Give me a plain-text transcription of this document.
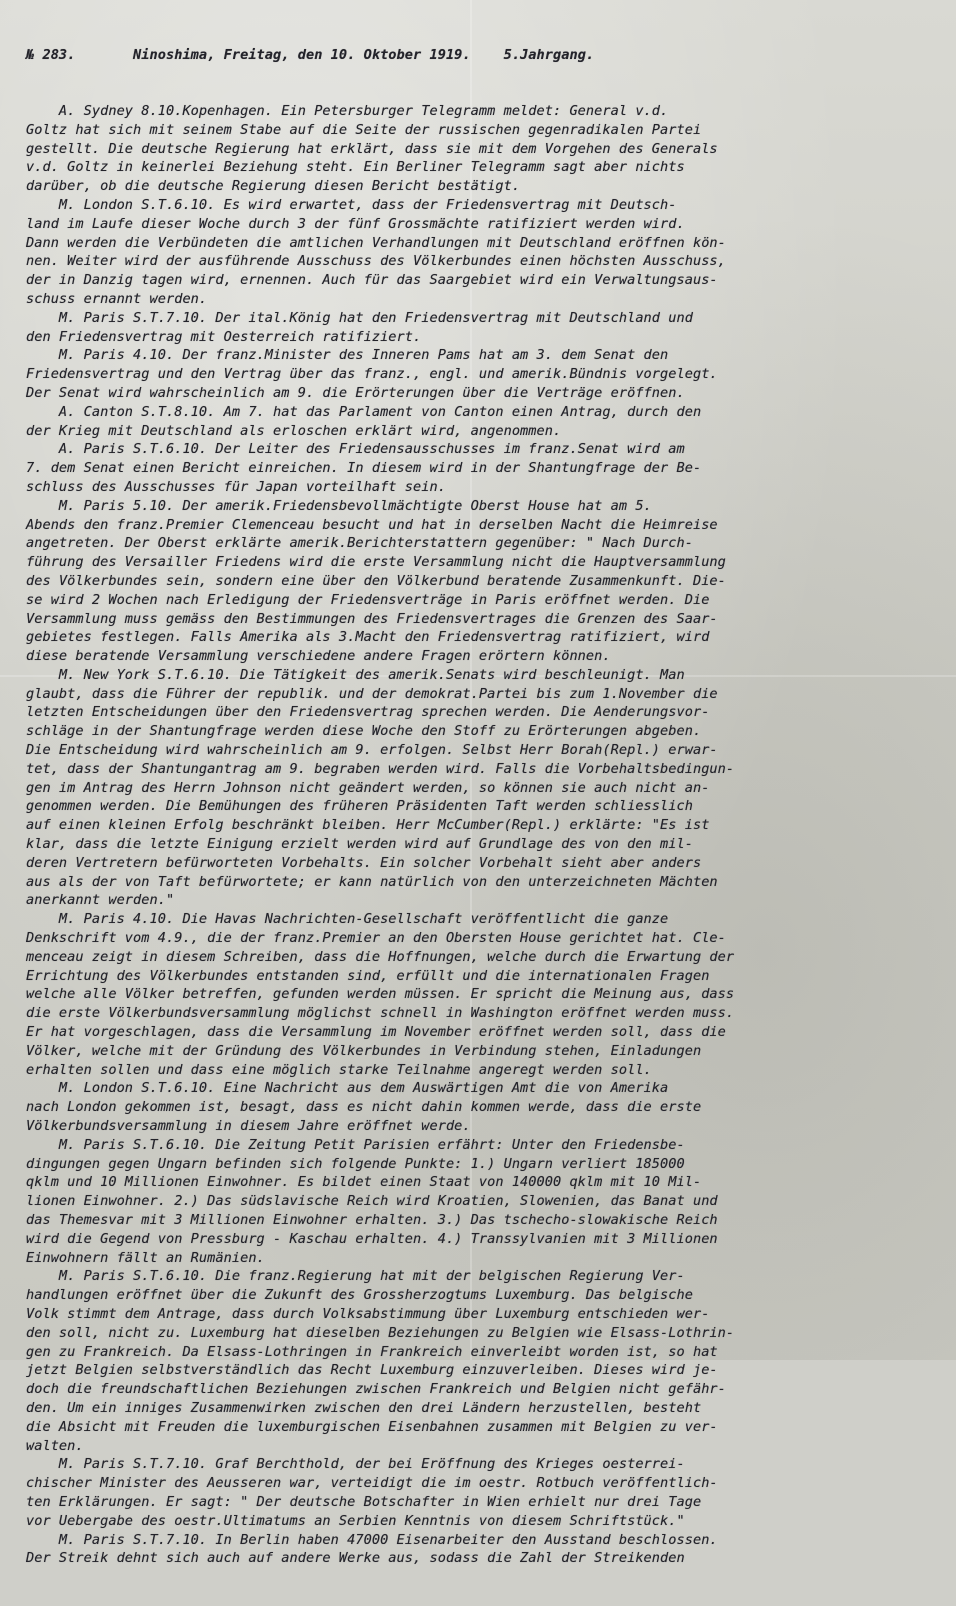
№ 283.	Ninoshima, Freitag, den 10. Oktober 1919. 5.Jahrgang.

A. Sydney 8.10.Kopenhagen. Ein Petersburger Telegramm meldet: General v.d.
Goltz hat sich mit seinem Stabe auf die Seite der russischen gegenradikalen Partei
gestellt. Die deutsche Regierung hat erklärt, dass sie mit dem Vorgehen des Generals
v.d. Goltz in keinerlei Beziehung steht. Ein Berliner Telegramm sagt aber nichts
darüber, ob die deutsche Regierung diesen Bericht bestätigt.
M. London S.T.6.10. Es wird erwartet, dass der Friedensvertrag mit Deutsch-
land im Laufe dieser Woche durch 3 der fünf Grossmächte ratifiziert werden wird.
Dann werden die Verbündeten die amtlichen Verhandlungen mit Deutschland eröffnen kön-
nen. Weiter wird der ausführende Ausschuss des Völkerbundes einen höchsten Ausschuss,
der in Danzig tagen wird, ernennen. Auch für das Saargebiet wird ein Verwaltungsaus-
schuss ernannt werden.
M. Paris S.T.7.10. Der ital.König hat den Friedensvertrag mit Deutschland und
den Friedensvertrag mit Oesterreich ratifiziert.
M. Paris 4.10. Der franz.Minister des Inneren Pams hat am 3. dem Senat den
Friedensvertrag und den Vertrag über das franz., engl. und amerik.Bündnis vorgelegt.
Der Senat wird wahrscheinlich am 9. die Erörterungen über die Verträge eröffnen.
A. Canton S.T.8.10. Am 7. hat das Parlament von Canton einen Antrag, durch den
der Krieg mit Deutschland als erloschen erklärt wird, angenommen.
A. Paris S.T.6.10. Der Leiter des Friedensausschusses im franz.Senat wird am
7. dem Senat einen Bericht einreichen. In diesem wird in der Shantungfrage der Be-
schluss des Ausschusses für Japan vorteilhaft sein.
M. Paris 5.10. Der amerik.Friedensbevollmächtigte Oberst House hat am 5.
Abends den franz.Premier Clemenceau besucht und hat in derselben Nacht die Heimreise
angetreten. Der Oberst erklärte amerik.Berichterstattern gegenüber: " Nach Durch-
führung des Versailler Friedens wird die erste Versammlung nicht die Hauptversammlung
des Völkerbundes sein, sondern eine über den Völkerbund beratende Zusammenkunft. Die-
se wird 2 Wochen nach Erledigung der Friedensverträge in Paris eröffnet werden. Die
Versammlung muss gemäss den Bestimmungen des Friedensvertrages die Grenzen des Saar-
gebietes festlegen. Falls Amerika als 3.Macht den Friedensvertrag ratifiziert, wird
diese beratende Versammlung verschiedene andere Fragen erörtern können.
M. New York S.T.6.10. Die Tätigkeit des amerik.Senats wird beschleunigt. Man
glaubt, dass die Führer der republik. und der demokrat.Partei bis zum 1.November die
letzten Entscheidungen über den Friedensvertrag sprechen werden. Die Aenderungsvor-
schläge in der Shantungfrage werden diese Woche den Stoff zu Erörterungen abgeben.
Die Entscheidung wird wahrscheinlich am 9. erfolgen. Selbst Herr Borah(Repl.) erwar-
tet, dass der Shantungantrag am 9. begraben werden wird. Falls die Vorbehaltsbedingun-
gen im Antrag des Herrn Johnson nicht geändert werden, so können sie auch nicht an-
genommen werden. Die Bemühungen des früheren Präsidenten Taft werden schliesslich
auf einen kleinen Erfolg beschränkt bleiben. Herr McCumber(Repl.) erklärte: "Es ist
klar, dass die letzte Einigung erzielt werden wird auf Grundlage des von den mil-
deren Vertretern befürworteten Vorbehalts. Ein solcher Vorbehalt sieht aber anders
aus als der von Taft befürwortete; er kann natürlich von den unterzeichneten Mächten
anerkannt werden."
M. Paris 4.10. Die Havas Nachrichten-Gesellschaft veröffentlicht die ganze
Denkschrift vom 4.9., die der franz.Premier an den Obersten House gerichtet hat. Cle-
menceau zeigt in diesem Schreiben, dass die Hoffnungen, welche durch die Erwartung der
Errichtung des Völkerbundes entstanden sind, erfüllt und die internationalen Fragen
welche alle Völker betreffen, gefunden werden müssen. Er spricht die Meinung aus, dass
die erste Völkerbundsversammlung möglichst schnell in Washington eröffnet werden muss.
Er hat vorgeschlagen, dass die Versammlung im November eröffnet werden soll, dass die
Völker, welche mit der Gründung des Völkerbundes in Verbindung stehen, Einladungen
erhalten sollen und dass eine möglich starke Teilnahme angeregt werden soll.
M. London S.T.6.10. Eine Nachricht aus dem Auswärtigen Amt die von Amerika
nach London gekommen ist, besagt, dass es nicht dahin kommen werde, dass die erste
Völkerbundsversammlung in diesem Jahre eröffnet werde.
M. Paris S.T.6.10. Die Zeitung Petit Parisien erfährt: Unter den Friedensbe-
dingungen gegen Ungarn befinden sich folgende Punkte: 1.) Ungarn verliert 185000
qklm und 10 Millionen Einwohner. Es bildet einen Staat von 140000 qklm mit 10 Mil-
lionen Einwohner. 2.) Das südslavische Reich wird Kroatien, Slowenien, das Banat und
das Themesvar mit 3 Millionen Einwohner erhalten. 3.) Das tschecho-slowakische Reich
wird die Gegend von Pressburg - Kaschau erhalten. 4.) Transsylvanien mit 3 Millionen
Einwohnern fällt an Rumänien.
M. Paris S.T.6.10. Die franz.Regierung hat mit der belgischen Regierung Ver-
handlungen eröffnet über die Zukunft des Grossherzogtums Luxemburg. Das belgische
Volk stimmt dem Antrage, dass durch Volksabstimmung über Luxemburg entschieden wer-
den soll, nicht zu. Luxemburg hat dieselben Beziehungen zu Belgien wie Elsass-Lothrin-
gen zu Frankreich. Da Elsass-Lothringen in Frankreich einverleibt worden ist, so hat
jetzt Belgien selbstverständlich das Recht Luxemburg einzuverleiben. Dieses wird je-
doch die freundschaftlichen Beziehungen zwischen Frankreich und Belgien nicht gefähr-
den. Um ein inniges Zusammenwirken zwischen den drei Ländern herzustellen, besteht
die Absicht mit Freuden die luxemburgischen Eisenbahnen zusammen mit Belgien zu ver-
walten.
M. Paris S.T.7.10. Graf Berchthold, der bei Eröffnung des Krieges oesterrei-
chischer Minister des Aeusseren war, verteidigt die im oestr. Rotbuch veröffentlich-
ten Erklärungen. Er sagt: " Der deutsche Botschafter in Wien erhielt nur drei Tage
vor Uebergabe des oestr.Ultimatums an Serbien Kenntnis von diesem Schriftstück."
M. Paris S.T.7.10. In Berlin haben 47000 Eisenarbeiter den Ausstand beschlossen.
Der Streik dehnt sich auch auf andere Werke aus, sodass die Zahl der Streikenden
